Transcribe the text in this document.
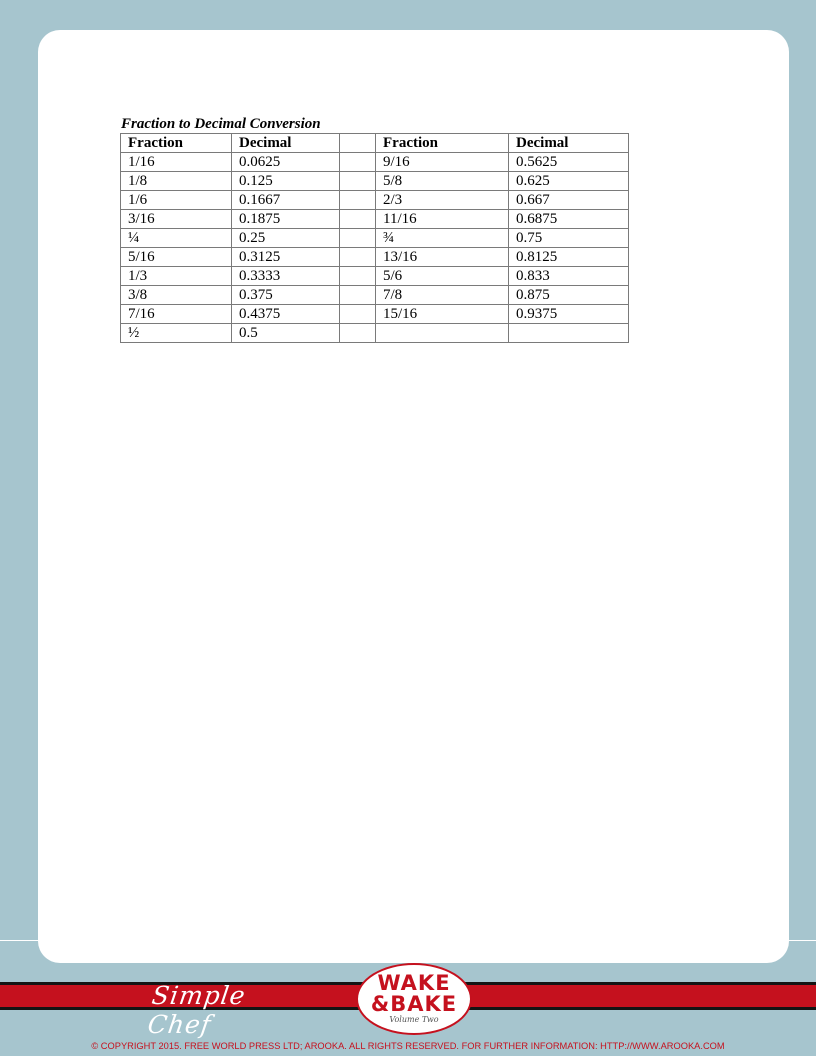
Fraction to Decimal Conversion
Fraction	Decimal		Fraction	Decimal
1/16	0.0625		9/16	0.5625
1/8	0.125		5/8	0.625
1/6	0.1667		2/3	0.667
3/16	0.1875		11/16	0.6875
¼	0.25		¾	0.75
5/16	0.3125		13/16	0.8125
1/3	0.3333		5/6	0.833
3/8	0.375		7/8	0.875
7/16	0.4375		15/16	0.9375
½	0.5			
Simple Chef
WAKE
&BAKE
Volume Two
© COPYRIGHT 2015. FREE WORLD PRESS LTD; AROOKA. ALL RIGHTS RESERVED. FOR FURTHER INFORMATION: HTTP://WWW.AROOKA.COM
